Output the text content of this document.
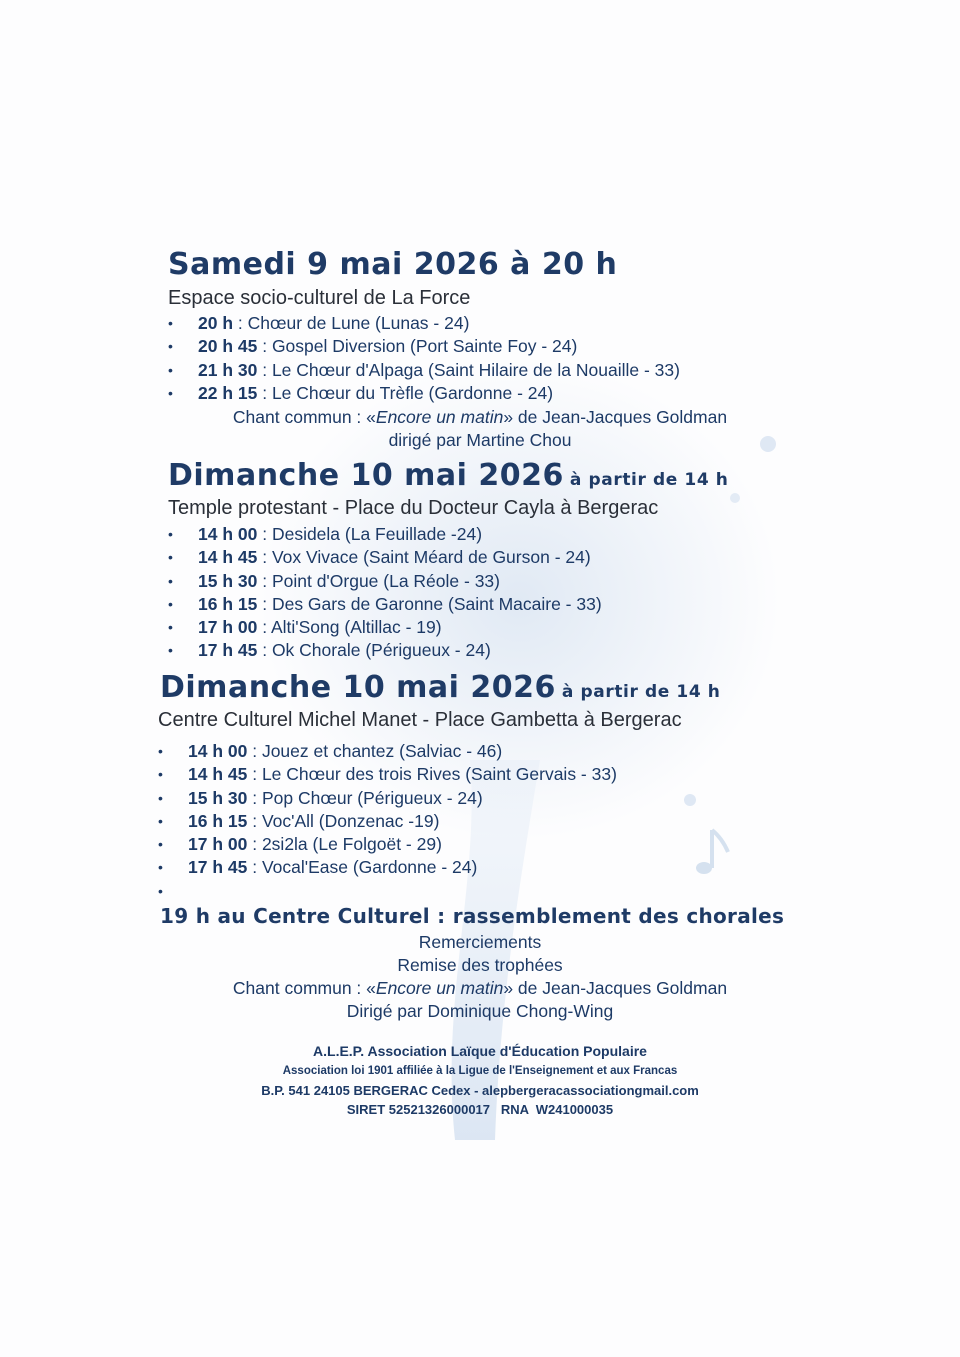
Samedi 9 mai 2026 à 20 h
Espace socio-culturel de La Force
• 20 h : Chœur de Lune (Lunas - 24)
• 20 h 45 : Gospel Diversion (Port Sainte Foy - 24)
• 21 h 30 : Le Chœur d'Alpaga (Saint Hilaire de la Nouaille - 33)
• 22 h 15 : Le Chœur du Trèfle (Gardonne - 24)
Chant commun : «Encore un matin» de Jean-Jacques Goldman
dirigé par Martine Chou
Dimanche 10 mai 2026 à partir de 14 h
Temple protestant - Place du Docteur Cayla à Bergerac
• 14 h 00 : Desidela (La Feuillade -24)
• 14 h 45 : Vox Vivace (Saint Méard de Gurson - 24)
• 15 h 30 : Point d'Orgue (La Réole - 33)
• 16 h 15 : Des Gars de Garonne (Saint Macaire - 33)
• 17 h 00 : Alti'Song (Altillac - 19)
• 17 h 45 : Ok Chorale (Périgueux - 24)
Dimanche 10 mai 2026 à partir de 14 h
Centre Culturel Michel Manet - Place Gambetta à Bergerac
• 14 h 00 : Jouez et chantez (Salviac - 46)
• 14 h 45 : Le Chœur des trois Rives (Saint Gervais - 33)
• 15 h 30 : Pop Chœur (Périgueux - 24)
• 16 h 15 : Voc'All (Donzenac -19)
• 17 h 00 : 2si2la (Le Folgoët - 29)
• 17 h 45 : Vocal'Ease (Gardonne - 24)
•
19 h au Centre Culturel : rassemblement des chorales
Remerciements
Remise des trophées
Chant commun : «Encore un matin» de Jean-Jacques Goldman
Dirigé par Dominique Chong-Wing
A.L.E.P. Association Laïque d'Éducation Populaire
Association loi 1901 affiliée à la Ligue de l'Enseignement et aux Francas
B.P. 541 24105 BERGERAC Cedex - alepbergeracassociationgmail.com
SIRET 52521326000017   RNA  W241000035
